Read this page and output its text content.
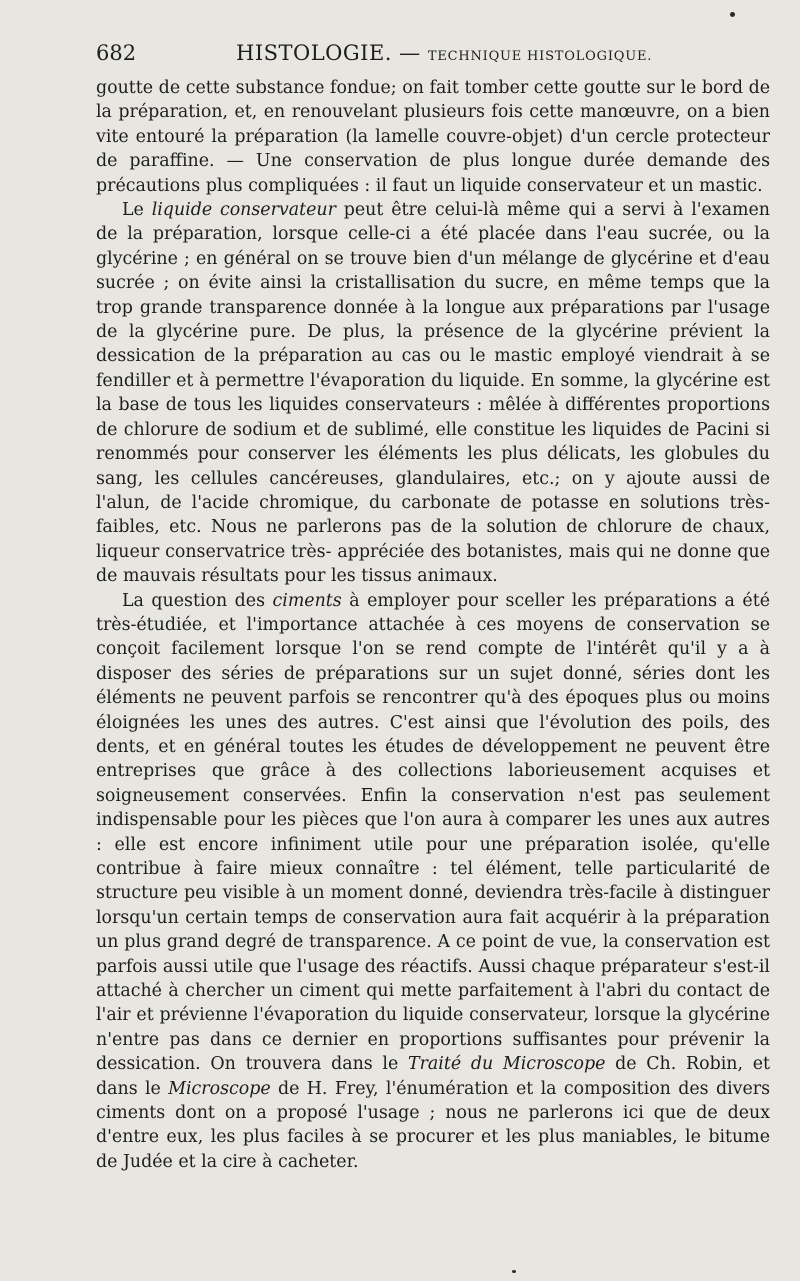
682	HISTOLOGIE. — TECHNIQUE HISTOLOGIQUE.

goutte de cette substance fondue; on fait tomber cette goutte sur le bord de la préparation, et, en renouvelant plusieurs fois cette manœuvre, on a bien vite entouré la préparation (la lamelle couvre-objet) d'un cercle protecteur de paraffine. — Une conservation de plus longue durée demande des précautions plus compliquées : il faut un liquide conservateur et un mastic.

Le liquide conservateur peut être celui-là même qui a servi à l'examen de la préparation, lorsque celle-ci a été placée dans l'eau sucrée, ou la glycérine ; en général on se trouve bien d'un mélange de glycérine et d'eau sucrée ; on évite ainsi la cristallisation du sucre, en même temps que la trop grande transparence donnée à la longue aux préparations par l'usage de la glycérine pure. De plus, la présence de la glycérine prévient la dessication de la préparation au cas ou le mastic employé viendrait à se fendiller et à permettre l'évaporation du liquide. En somme, la glycérine est la base de tous les liquides conservateurs : mêlée à différentes proportions de chlorure de sodium et de sublimé, elle constitue les liquides de Pacini si renommés pour conserver les éléments les plus délicats, les globules du sang, les cellules cancéreuses, glandulaires, etc.; on y ajoute aussi de l'alun, de l'acide chromique, du carbonate de potasse en solutions très-faibles, etc. Nous ne parlerons pas de la solution de chlorure de chaux, liqueur conservatrice très- appréciée des botanistes, mais qui ne donne que de mauvais résultats pour les tissus animaux.

La question des ciments à employer pour sceller les préparations a été très-étudiée, et l'importance attachée à ces moyens de conservation se conçoit facilement lorsque l'on se rend compte de l'intérêt qu'il y a à disposer des séries de préparations sur un sujet donné, séries dont les éléments ne peuvent parfois se rencontrer qu'à des époques plus ou moins éloignées les unes des autres. C'est ainsi que l'évolution des poils, des dents, et en général toutes les études de développement ne peuvent être entreprises que grâce à des collections laborieusement acquises et soigneusement conservées. Enfin la conservation n'est pas seulement indispensable pour les pièces que l'on aura à comparer les unes aux autres : elle est encore infiniment utile pour une préparation isolée, qu'elle contribue à faire mieux connaître : tel élément, telle particularité de structure peu visible à un moment donné, deviendra très-facile à distinguer lorsqu'un certain temps de conservation aura fait acquérir à la préparation un plus grand degré de transparence. A ce point de vue, la conservation est parfois aussi utile que l'usage des réactifs. Aussi chaque préparateur s'est-il attaché à chercher un ciment qui mette parfaitement à l'abri du contact de l'air et prévienne l'évaporation du liquide conservateur, lorsque la glycérine n'entre pas dans ce dernier en proportions suffisantes pour prévenir la dessication. On trouvera dans le Traité du Microscope de Ch. Robin, et dans le Microscope de H. Frey, l'énumération et la composition des divers ciments dont on a proposé l'usage ; nous ne parlerons ici que de deux d'entre eux, les plus faciles à se procurer et les plus maniables, le bitume de Judée et la cire à cacheter.
